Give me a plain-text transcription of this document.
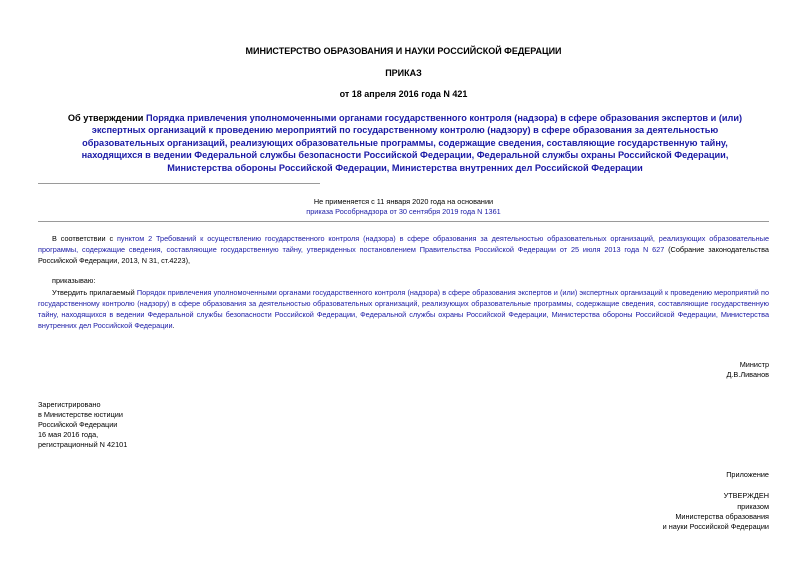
МИНИСТЕРСТВО ОБРАЗОВАНИЯ И НАУКИ РОССИЙСКОЙ ФЕДЕРАЦИИ
ПРИКАЗ
от 18 апреля 2016 года N 421
Об утверждении Порядка привлечения уполномоченными органами государственного контроля (надзора) в сфере образования экспертов и (или) экспертных организаций к проведению мероприятий по государственному контролю (надзору) в сфере образования за деятельностью образовательных организаций, реализующих образовательные программы, содержащие сведения, составляющие государственную тайну, находящихся в ведении Федеральной службы безопасности Российской Федерации, Федеральной службы охраны Российской Федерации, Министерства обороны Российской Федерации, Министерства внутренних дел Российской Федерации
Не применяется с 11 января 2020 года на основании
приказа Рособрнадзора от 30 сентября 2019 года N 1361
В соответствии с пунктом 2 Требований к осуществлению государственного контроля (надзора) в сфере образования за деятельностью образовательных организаций, реализующих образовательные программы, содержащие сведения, составляющие государственную тайну, утвержденных постановлением Правительства Российской Федерации от 25 июля 2013 года N 627 (Собрание законодательства Российской Федерации, 2013, N 31, ст.4223),
приказываю:
Утвердить прилагаемый Порядок привлечения уполномоченными органами государственного контроля (надзора) в сфере образования экспертов и (или) экспертных организаций к проведению мероприятий по государственному контролю (надзору) в сфере образования за деятельностью образовательных организаций, реализующих образовательные программы, содержащие сведения, составляющие государственную тайну, находящихся в ведении Федеральной службы безопасности Российской Федерации, Федеральной службы охраны Российской Федерации, Министерства обороны Российской Федерации, Министерства внутренних дел Российской Федерации.
Министр
Д.В.Ливанов
Зарегистрировано
в Министерстве юстиции
Российской Федерации
16 мая 2016 года,
регистрационный N 42101
Приложение
УТВЕРЖДЕН
приказом
Министерства образования
и науки Российской Федерации
